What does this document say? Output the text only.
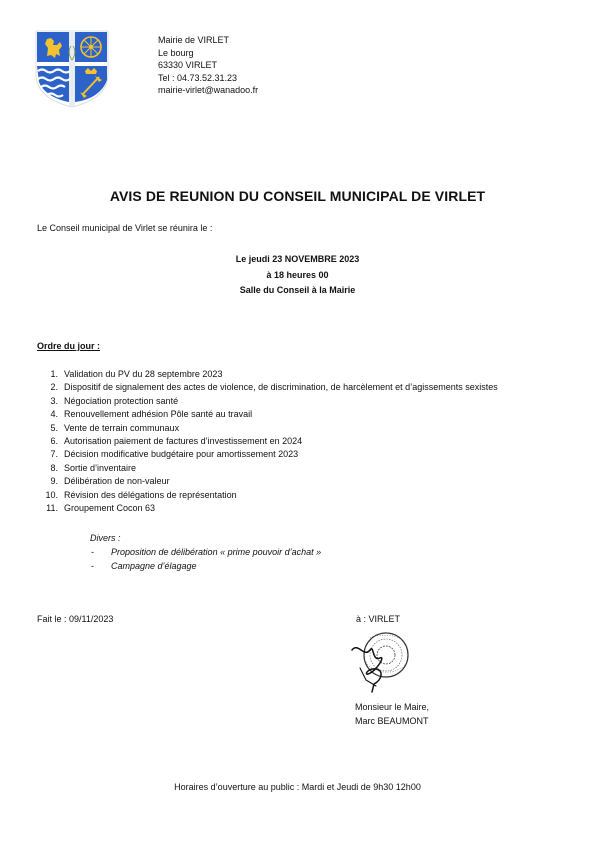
Mairie de VIRLET
Le bourg
63330 VIRLET
Tel : 04.73.52.31.23
mairie-virlet@wanadoo.fr
AVIS DE REUNION DU CONSEIL MUNICIPAL DE VIRLET
Le Conseil municipal de Virlet se réunira le :
Le jeudi 23 NOVEMBRE 2023
à 18 heures 00
Salle du Conseil à la Mairie
Ordre du jour :
1. Validation du PV du 28 septembre 2023
2. Dispositif de signalement des actes de violence, de discrimination, de harcèlement et d’agissements sexistes
3. Négociation protection santé
4. Renouvellement adhésion Pôle santé au travail
5. Vente de terrain communaux
6. Autorisation paiement de factures d’investissement en 2024
7. Décision modificative budgétaire pour amortissement 2023
8. Sortie d’inventaire
9. Délibération de non-valeur
10. Révision des délégations de représentation
11. Groupement Cocon 63
Divers :
- Proposition de délibération « prime pouvoir d’achat »
- Campagne d’élagage
Fait le : 09/11/2023	à : VIRLET
Monsieur le Maire,
Marc BEAUMONT
Horaires d’ouverture au public : Mardi et Jeudi de 9h30 12h00
